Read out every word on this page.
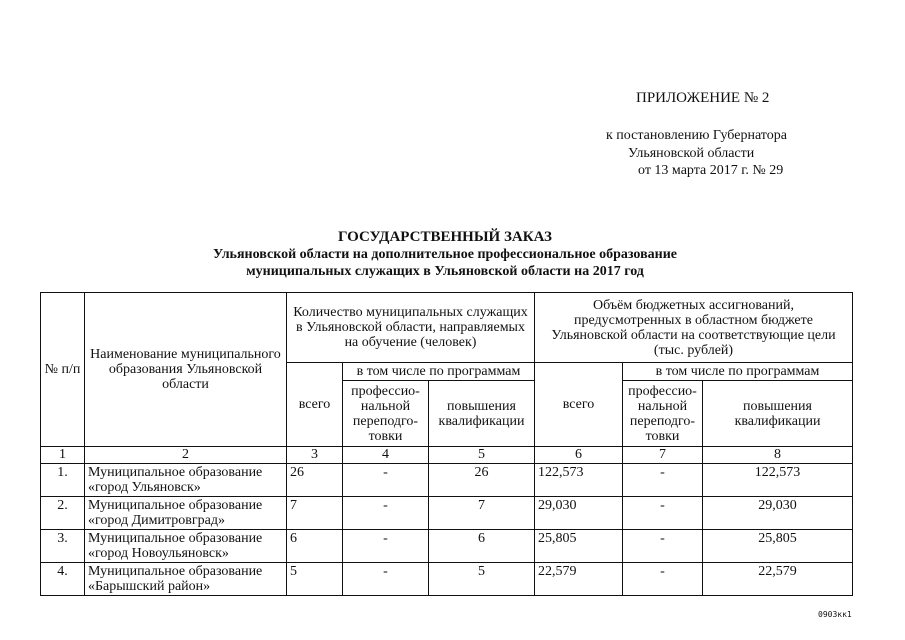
ПРИЛОЖЕНИЕ № 2
к постановлению Губернатора
Ульяновской области
от 13 марта 2017 г. № 29
ГОСУДАРСТВЕННЫЙ ЗАКАЗ
Ульяновской области на дополнительное профессиональное образование
муниципальных служащих в Ульяновской области на 2017 год
№ п/п	Наименование муниципального образования Ульяновской области	Количество муниципальных служащих в Ульяновской области, направляемых на обучение (человек)			Объём бюджетных ассигнований, предусмотренных в областном бюджете Ульяновской области на соответствующие цели (тыс. рублей)		
		всего	в том числе по программам		всего	в том числе по программам	
			профессио-нальной переподго-товки	повышения квалификации		профессио-нальной переподго-товки	повышения квалификации
1	2	3	4	5	6	7	8
1.	Муниципальное образование «город Ульяновск»	26	-	26	122,573	-	122,573
2.	Муниципальное образование «город Димитровград»	7	-	7	29,030	-	29,030
3.	Муниципальное образование «город Новоульяновск»	6	-	6	25,805	-	25,805
4.	Муниципальное образование «Барышский район»	5	-	5	22,579	-	22,579
0903кк1
